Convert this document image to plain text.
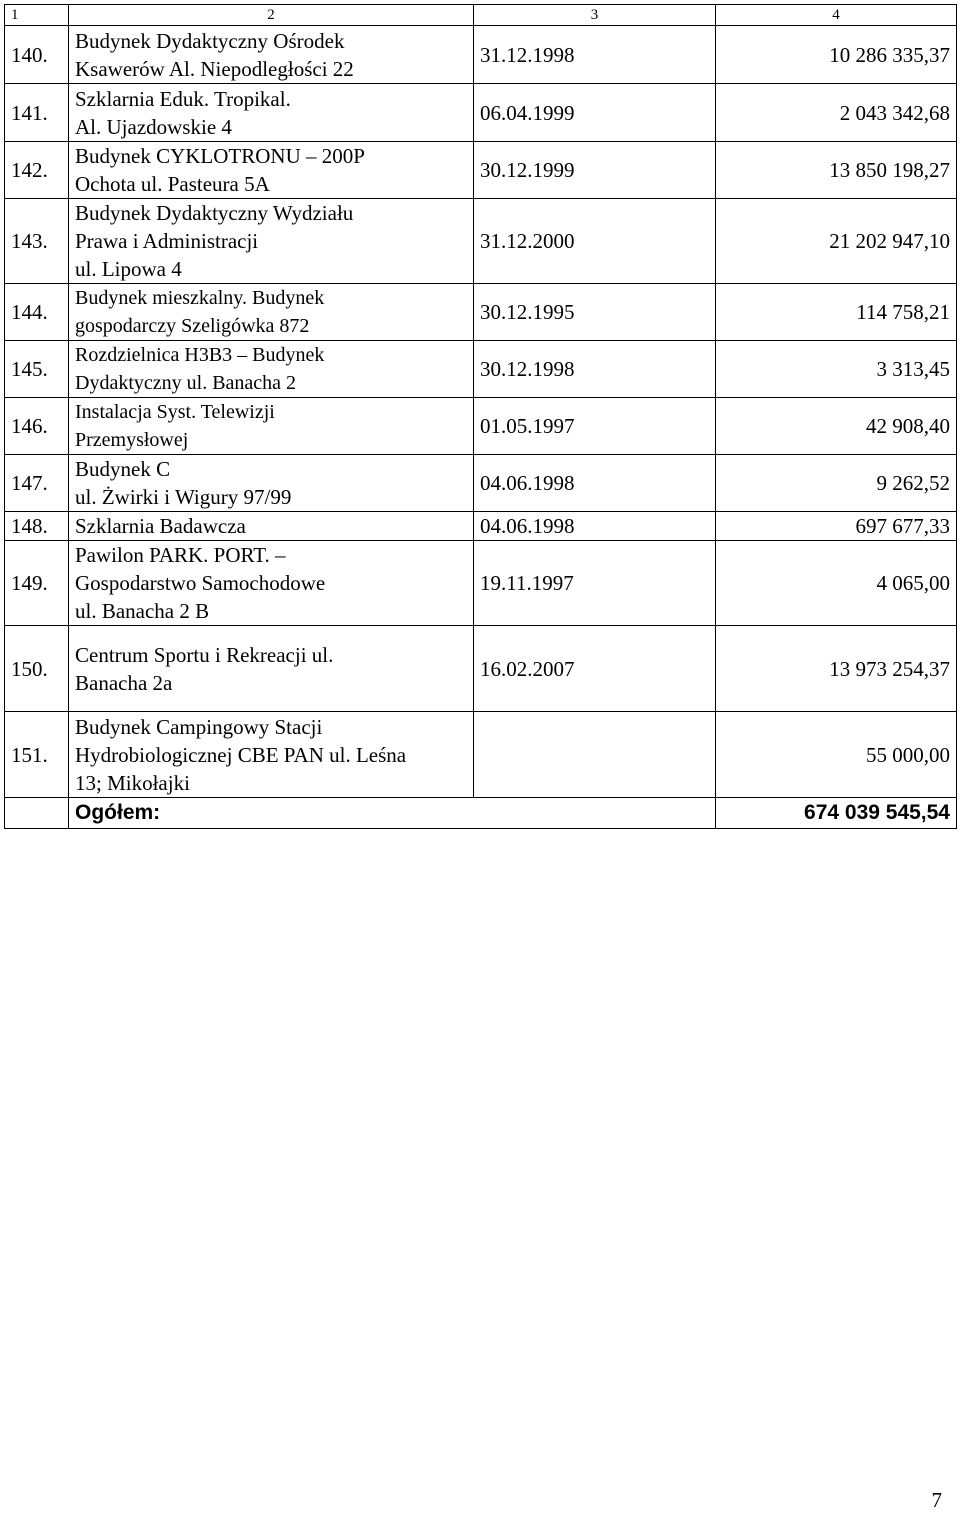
1	2	3	4
140.	Budynek Dydaktyczny Ośrodek
Ksawerów Al. Niepodległości 22	31.12.1998	10 286 335,37
141.	Szklarnia Eduk. Tropikal.
Al. Ujazdowskie 4	06.04.1999	2 043 342,68
142.	Budynek CYKLOTRONU – 200P
Ochota ul. Pasteura 5A	30.12.1999	13 850 198,27
143.	Budynek Dydaktyczny Wydziału
Prawa i Administracji
ul. Lipowa 4	31.12.2000	21 202 947,10
144.	Budynek mieszkalny. Budynek
gospodarczy Szeligówka 872	30.12.1995	114 758,21
145.	Rozdzielnica H3B3 – Budynek
Dydaktyczny ul. Banacha 2	30.12.1998	3 313,45
146.	Instalacja Syst. Telewizji
Przemysłowej	01.05.1997	42 908,40
147.	Budynek C
ul. Żwirki i Wigury 97/99	04.06.1998	9 262,52
148.	Szklarnia Badawcza	04.06.1998	697 677,33
149.	Pawilon PARK. PORT. –
Gospodarstwo Samochodowe
ul. Banacha 2 B	19.11.1997	4 065,00
150.	Centrum Sportu i Rekreacji ul.
Banacha 2a	16.02.2007	13 973 254,37
151.	Budynek Campingowy Stacji
Hydrobiologicznej CBE PAN ul. Leśna
13; Mikołajki		55 000,00
	Ogółem:		674 039 545,54
7
